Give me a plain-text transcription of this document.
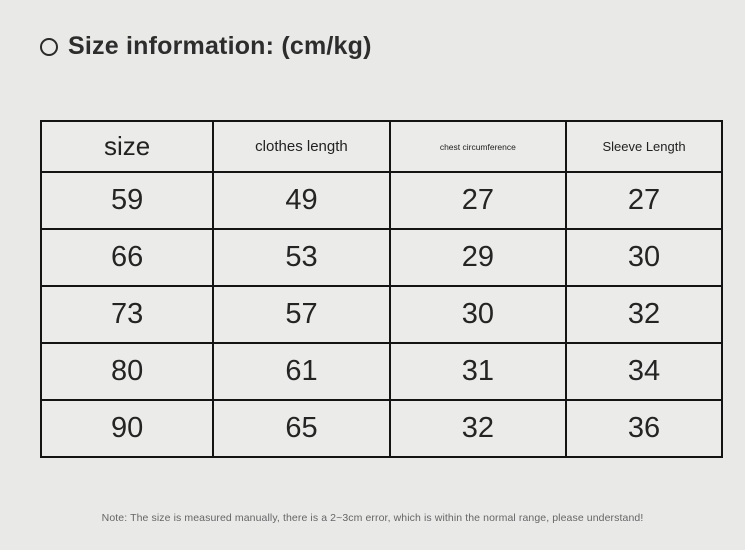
Size information: (cm/kg)
size	clothes length	chest circumference	Sleeve Length
59	49	27	27
66	53	29	30
73	57	30	32
80	61	31	34
90	65	32	36
Note: The size is measured manually, there is a 2~3cm error, which is within the normal range, please understand!
